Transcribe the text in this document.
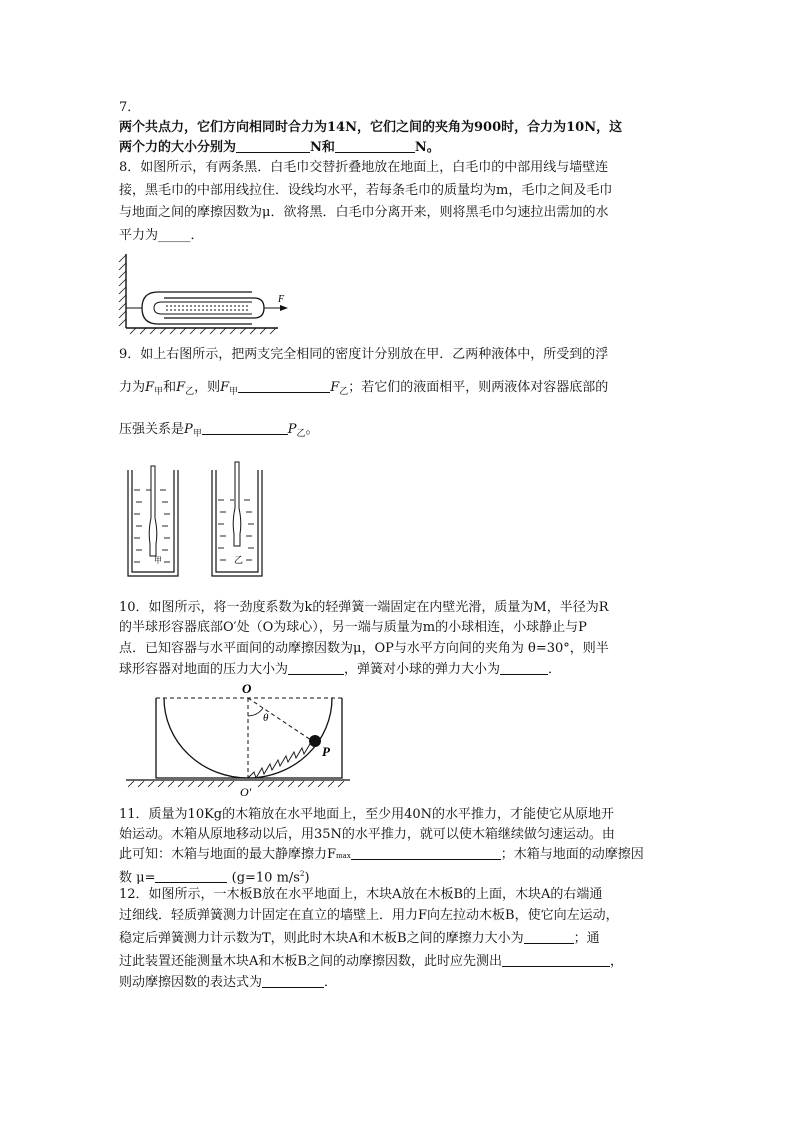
7．
两个共点力，它们方向相同时合力为14N，它们之间的夹角为900时，合力为10N，这
两个力的大小分别为	N和	N。
8．如图所示，有两条黑．白毛巾交替折叠地放在地面上，白毛巾的中部用线与墙壁连
接，黑毛巾的中部用线拉住．设线均水平，若每条毛巾的质量均为m，毛巾之间及毛巾
与地面之间的摩擦因数为μ．欲将黑．白毛巾分离开来，则将黑毛巾匀速拉出需加的水
平力为_____．
F
9．如上右图所示，把两支完全相同的密度计分别放在甲．乙两种液体中，所受到的浮
力为$F_甲$和$F_乙$，则$F_甲$	$F_乙$；若它们的液面相平，则两液体对容器底部的
压强关系是$P_甲$	$P_乙$。
甲	乙
10．如图所示，将一劲度系数为k的轻弹簧一端固定在内壁光滑，质量为M，半径为R
的半球形容器底部O′处（O为球心），另一端与质量为m的小球相连，小球静止与P
点．已知容器与水平面间的动摩擦因数为μ，OP与水平方向间的夹角为 θ=30°，则半
球形容器对地面的压力大小为	，弹簧对小球的弹力大小为	．
O
O′
P
θ
11．质量为10Kg的木箱放在水平地面上，至少用40N的水平推力，才能使它从原地开
始运动。木箱从原地移动以后，用35N的水平推力，就可以使木箱继续做匀速运动。由
此可知：木箱与地面的最大静摩擦力Fmax	；木箱与地面的动摩擦因
数 μ=	(g=10 $m/s^2$)
12．如图所示，一木板B放在水平地面上，木块A放在木板B的上面，木块A的右端通
过细线．轻质弹簧测力计固定在直立的墙壁上．用力F向左拉动木板B，使它向左运动，
稳定后弹簧测力计示数为T，则此时木块A和木板B之间的摩擦力大小为	；通
过此装置还能测量木块A和木板B之间的动摩擦因数，此时应先测出	，
则动摩擦因数的表达式为	．
